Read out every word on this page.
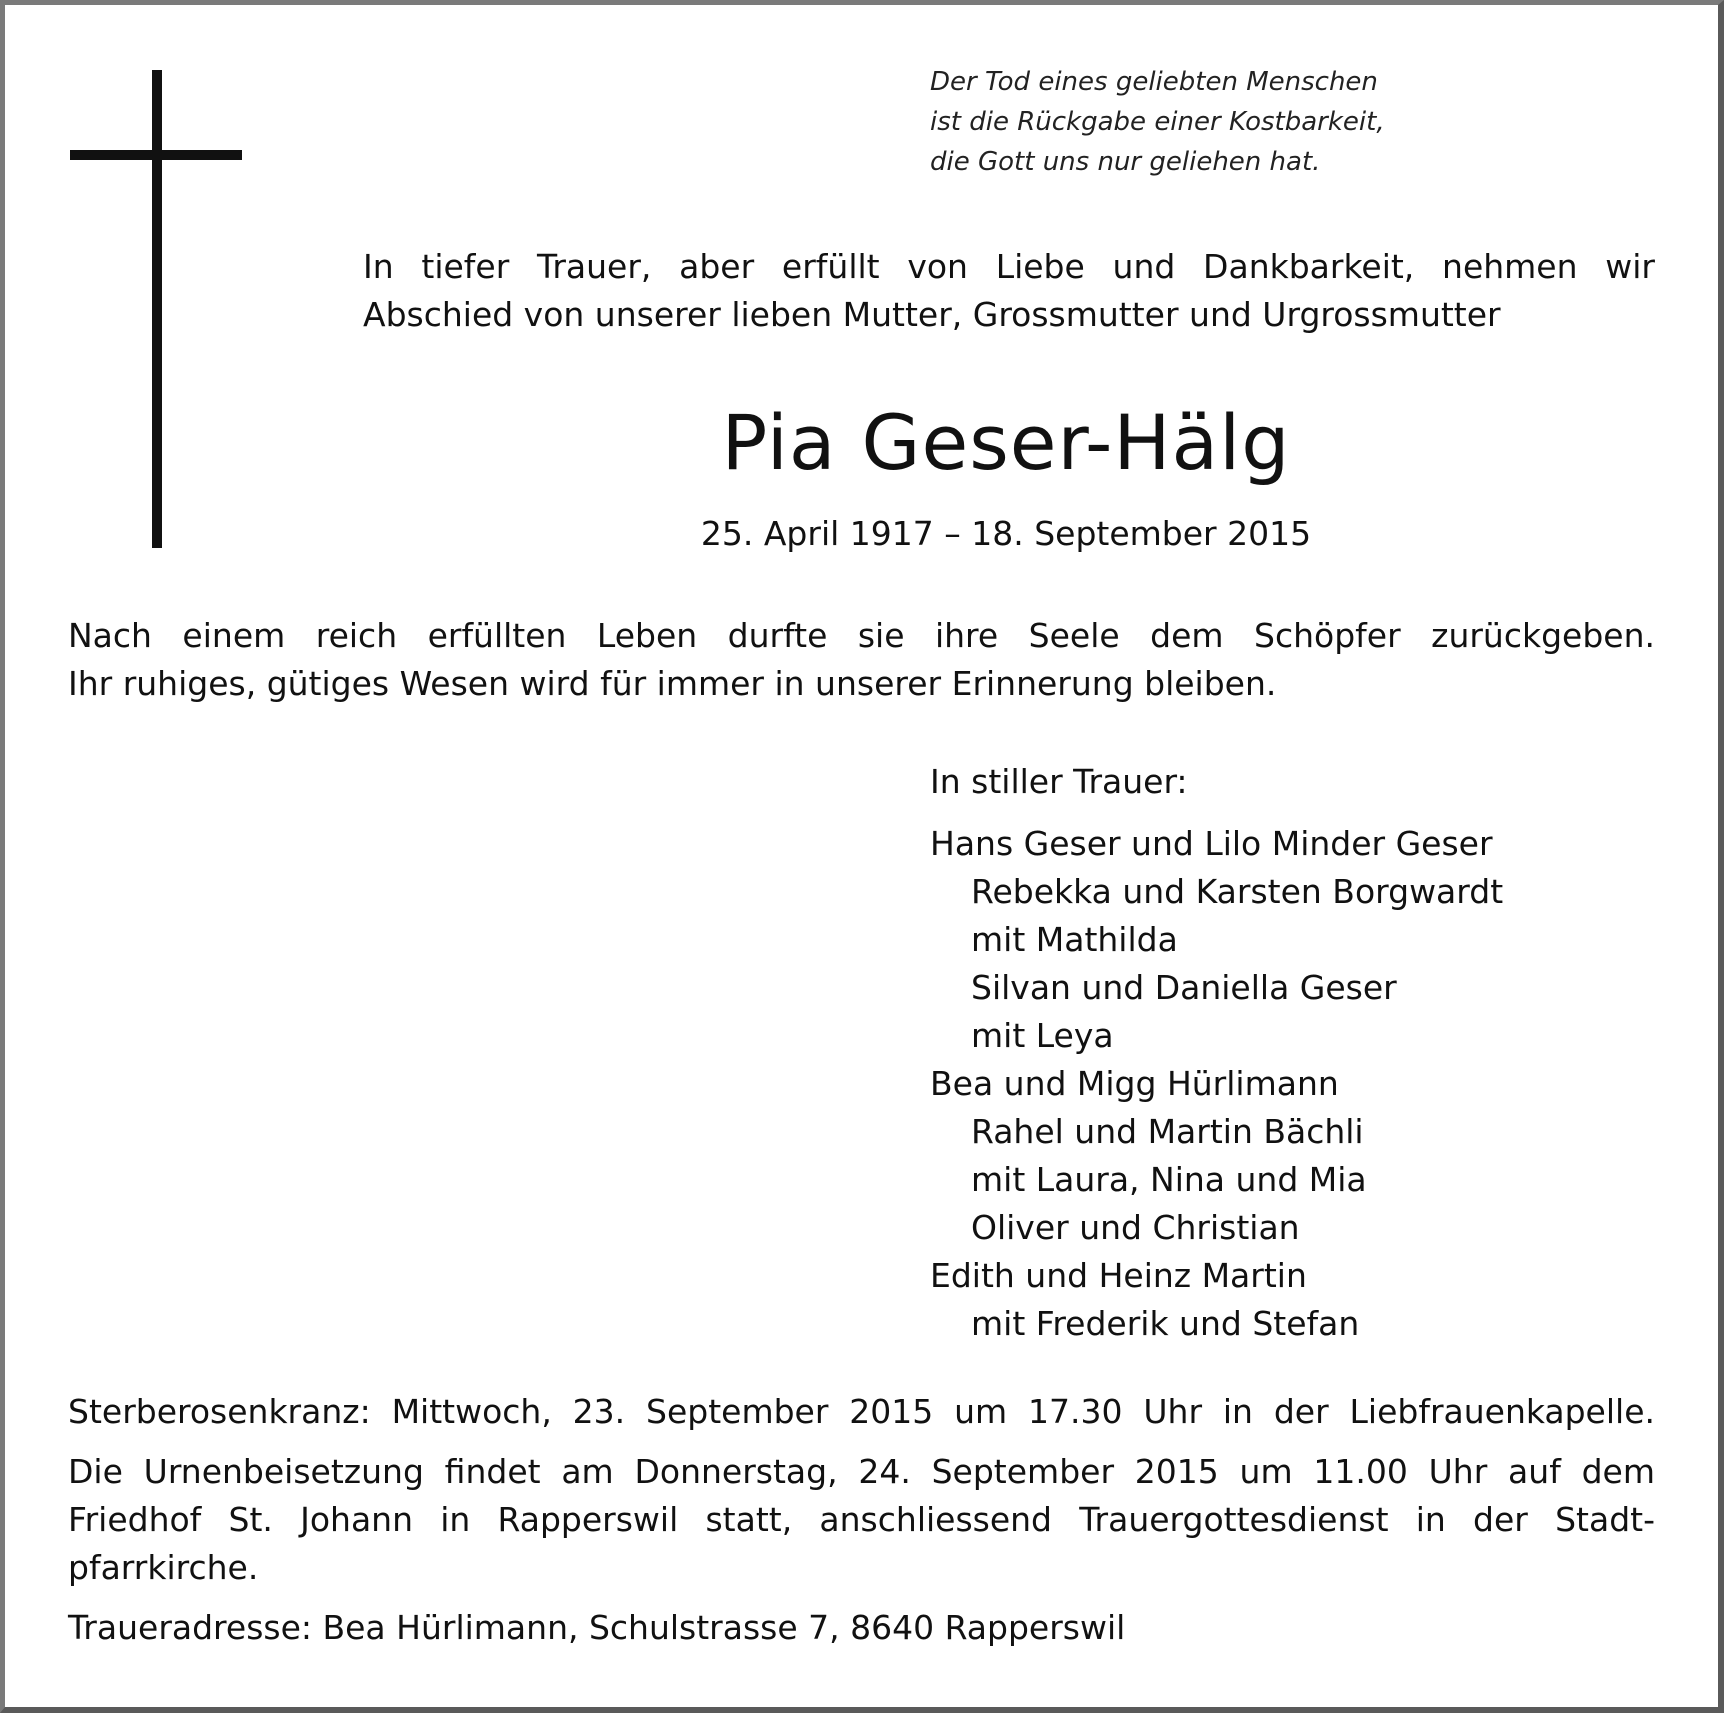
Der Tod eines geliebten Menschen
ist die Rückgabe einer Kostbarkeit,
die Gott uns nur geliehen hat.
In tiefer Trauer, aber erfüllt von Liebe und Dankbarkeit, nehmen wir
Abschied von unserer lieben Mutter, Grossmutter und Urgrossmutter
Pia Geser-Hälg
25. April 1917 – 18. September 2015
Nach einem reich erfüllten Leben durfte sie ihre Seele dem Schöpfer zurückgeben.
Ihr ruhiges, gütiges Wesen wird für immer in unserer Erinnerung bleiben.
In stiller Trauer:
Hans Geser und Lilo Minder Geser
Rebekka und Karsten Borgwardt
mit Mathilda
Silvan und Daniella Geser
mit Leya
Bea und Migg Hürlimann
Rahel und Martin Bächli
mit Laura, Nina und Mia
Oliver und Christian
Edith und Heinz Martin
mit Frederik und Stefan
Sterberosenkranz: Mittwoch, 23. September 2015 um 17.30 Uhr in der Liebfrauenkapelle.
Die Urnenbeisetzung findet am Donnerstag, 24. September 2015 um 11.00 Uhr auf dem
Friedhof St. Johann in Rapperswil statt, anschliessend Trauergottesdienst in der Stadt-
pfarrkirche.
Traueradresse: Bea Hürlimann, Schulstrasse 7, 8640 Rapperswil
